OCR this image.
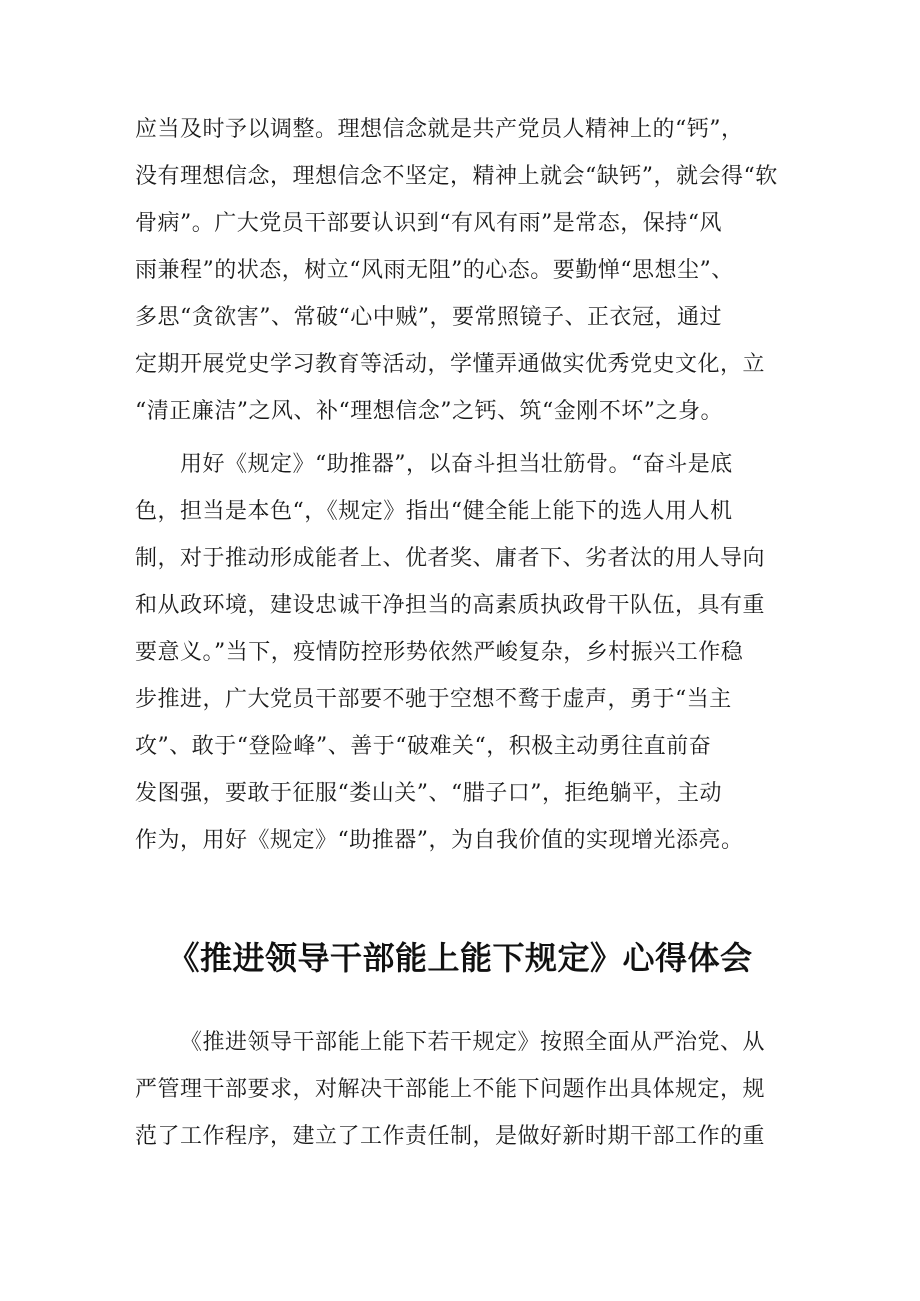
应当及时予以调整。理想信念就是共产党员人精神上的“钙”，
没有理想信念，理想信念不坚定，精神上就会“缺钙”，就会得“软
骨病”。广大党员干部要认识到“有风有雨”是常态，保持“风
雨兼程”的状态，树立“风雨无阻”的心态。要勤惮“思想尘”、
多思“贪欲害”、常破“心中贼”，要常照镜子、正衣冠，通过
定期开展党史学习教育等活动，学懂弄通做实优秀党史文化，立
“清正廉洁”之风、补“理想信念”之钙、筑“金刚不坏”之身。
用好《规定》“助推器”，以奋斗担当壮筋骨。“奋斗是底
色，担当是本色“，《规定》指出“健全能上能下的选人用人机
制，对于推动形成能者上、优者奖、庸者下、劣者汰的用人导向
和从政环境，建设忠诚干净担当的高素质执政骨干队伍，具有重
要意义。”当下，疫情防控形势依然严峻复杂，乡村振兴工作稳
步推进，广大党员干部要不驰于空想不鹜于虚声，勇于“当主
攻”、敢于“登险峰”、善于“破难关“，积极主动勇往直前奋
发图强，要敢于征服“娄山关”、“腊子口”，拒绝躺平，主动
作为，用好《规定》“助推器”，为自我价值的实现增光添亮。
《推进领导干部能上能下规定》心得体会
《推进领导干部能上能下若干规定》按照全面从严治党、从
严管理干部要求，对解决干部能上不能下问题作出具体规定，规
范了工作程序，建立了工作责任制，是做好新时期干部工作的重
